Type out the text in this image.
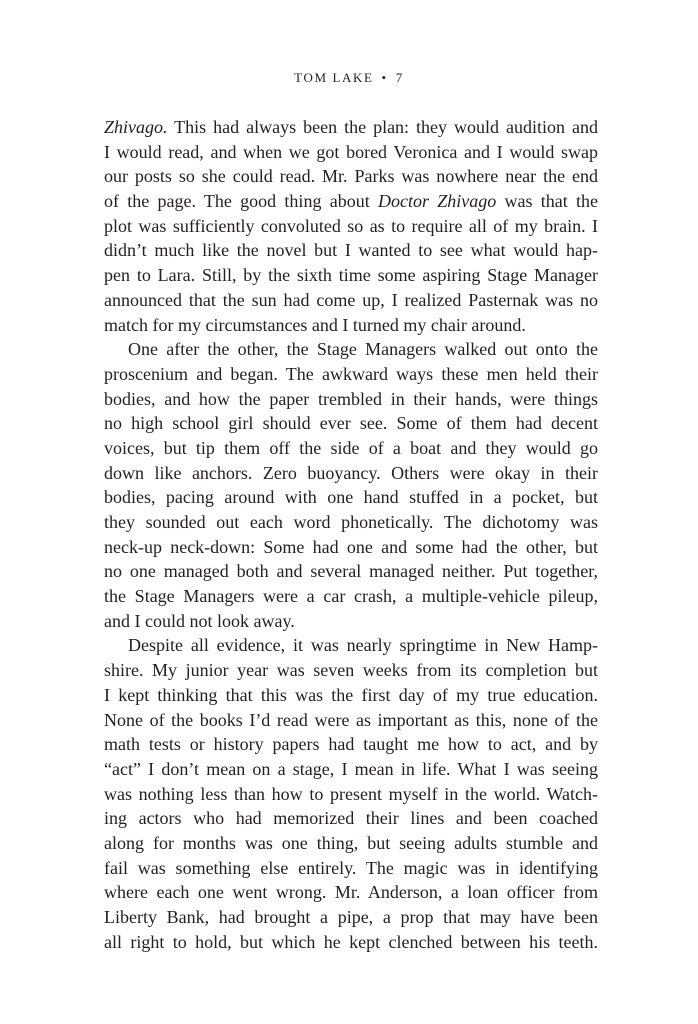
TOM LAKE • 7
Zhivago. This had always been the plan: they would audition and
I would read, and when we got bored Veronica and I would swap
our posts so she could read. Mr. Parks was nowhere near the end
of the page. The good thing about Doctor Zhivago was that the
plot was sufficiently convoluted so as to require all of my brain. I
didn’t much like the novel but I wanted to see what would hap-
pen to Lara. Still, by the sixth time some aspiring Stage Manager
announced that the sun had come up, I realized Pasternak was no
match for my circumstances and I turned my chair around.
One after the other, the Stage Managers walked out onto the
proscenium and began. The awkward ways these men held their
bodies, and how the paper trembled in their hands, were things
no high school girl should ever see. Some of them had decent
voices, but tip them off the side of a boat and they would go
down like anchors. Zero buoyancy. Others were okay in their
bodies, pacing around with one hand stuffed in a pocket, but
they sounded out each word phonetically. The dichotomy was
neck-up neck-down: Some had one and some had the other, but
no one managed both and several managed neither. Put together,
the Stage Managers were a car crash, a multiple-vehicle pileup,
and I could not look away.
Despite all evidence, it was nearly springtime in New Hamp-
shire. My junior year was seven weeks from its completion but
I kept thinking that this was the first day of my true education.
None of the books I’d read were as important as this, none of the
math tests or history papers had taught me how to act, and by
“act” I don’t mean on a stage, I mean in life. What I was seeing
was nothing less than how to present myself in the world. Watch-
ing actors who had memorized their lines and been coached
along for months was one thing, but seeing adults stumble and
fail was something else entirely. The magic was in identifying
where each one went wrong. Mr. Anderson, a loan officer from
Liberty Bank, had brought a pipe, a prop that may have been
all right to hold, but which he kept clenched between his teeth.
